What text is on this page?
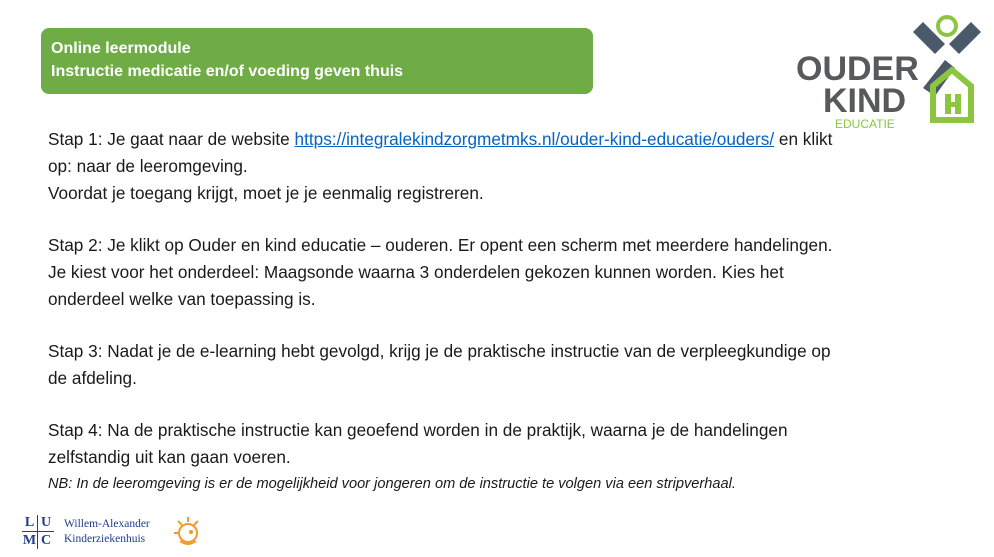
Online leermodule
Instructie medicatie en/of voeding geven thuis	OUDER
KIND
EDUCATIE

Stap 1: Je gaat naar de website https://integralekindzorgmetmks.nl/ouder-kind-educatie/ouders/ en klikt op: naar de leeromgeving.
Voordat je toegang krijgt, moet je je eenmalig registreren.

Stap 2: Je klikt op Ouder en kind educatie – ouderen. Er opent een scherm met meerdere handelingen. Je kiest voor het onderdeel: Maagsonde waarna 3 onderdelen gekozen kunnen worden. Kies het onderdeel welke van toepassing is.

Stap 3: Nadat je de e-learning hebt gevolgd, krijg je de praktische instructie van de verpleegkundige op de afdeling.

Stap 4: Na de praktische instructie kan geoefend worden in de praktijk, waarna je de handelingen zelfstandig uit kan gaan voeren.

NB: In de leeromgeving is er de mogelijkheid voor jongeren om de instructie te volgen via een stripverhaal.
L U
M C
Willem-Alexander
Kinderziekenhuis
